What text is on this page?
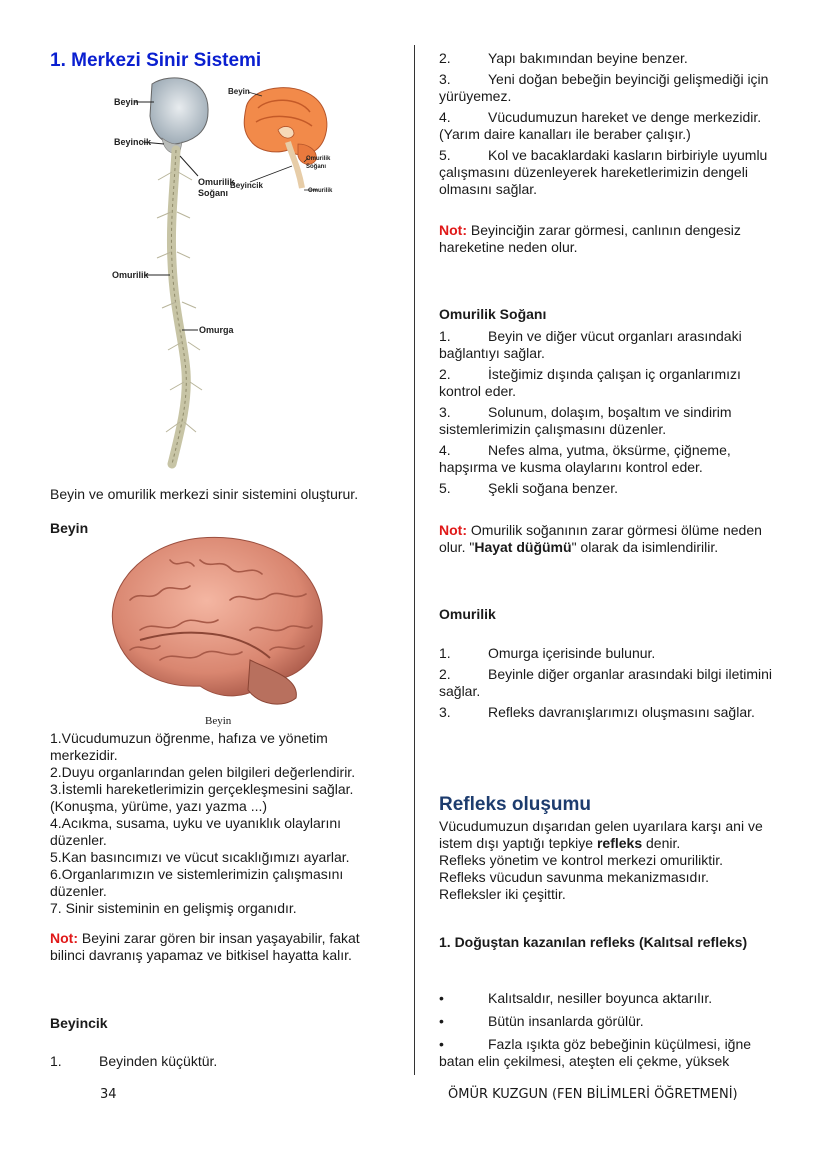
1. Merkezi Sinir Sistemi
Beyin
Beyincik
Omurilik
Soğanı
Omurilik
Omurga
Beyin
Omurilik
Soğanı
Beyincik
Omurilik
Beyin ve omurilik merkezi sinir sistemini oluşturur.
Beyin
Beyin
1.Vücudumuzun öğrenme, hafıza ve yönetim merkezidir.
2.Duyu organlarından gelen bilgileri değerlendirir.
3.İstemli hareketlerimizin gerçekleşmesini sağlar.(Konuşma, yürüme, yazı yazma ...)
4.Acıkma, susama, uyku ve uyanıklık olaylarını düzenler.
5.Kan basıncımızı ve vücut sıcaklığımızı ayarlar.
6.Organlarımızın ve sistemlerimizin çalışmasını düzenler.
7. Sinir sisteminin en gelişmiş organıdır.
Not: Beyini zarar gören bir insan yaşayabilir, fakat bilinci davranış yapamaz ve bitkisel hayatta kalır.
Beyincik
1.	Beyinden küçüktür.
2.	Yapı bakımından beyine benzer.
3.	Yeni doğan bebeğin beyinciği gelişmediği için yürüyemez.
4.	Vücudumuzun hareket ve denge merkezidir. (Yarım daire kanalları ile beraber çalışır.)
5.	Kol ve bacaklardaki kasların birbiriyle uyumlu çalışmasını düzenleyerek hareketlerimizin dengeli olmasını sağlar.
Not: Beyinciğin zarar görmesi, canlının dengesiz hareketine neden olur.
Omurilik Soğanı
1.	Beyin ve diğer vücut organları arasındaki bağlantıyı sağlar.
2.	İsteğimiz dışında çalışan iç organlarımızı kontrol eder.
3.	Solunum, dolaşım, boşaltım ve sindirim sistemlerimizin çalışmasını düzenler.
4.	Nefes alma, yutma, öksürme, çiğneme, hapşırma ve kusma olaylarını kontrol eder.
5.	Şekli soğana benzer.
Not: Omurilik soğanının zarar görmesi ölüme neden olur. "Hayat düğümü" olarak da isimlendirilir.
Omurilik
1.	Omurga içerisinde bulunur.
2.	Beyinle diğer organlar arasındaki bilgi iletimini sağlar.
3.	Refleks davranışlarımızı oluşmasını sağlar.
Refleks oluşumu
Vücudumuzun dışarıdan gelen uyarılara karşı ani ve istem dışı yaptığı tepkiye refleks denir.
Refleks yönetim ve kontrol merkezi omuriliktir.
Refleks vücudun savunma mekanizmasıdır.
Refleksler iki çeşittir.
1. Doğuştan kazanılan refleks (Kalıtsal refleks)
•	Kalıtsaldır, nesiller boyunca aktarılır.
•	Bütün insanlarda görülür.
•	Fazla ışıkta göz bebeğinin küçülmesi, iğne batan elin çekilmesi, ateşten eli çekme, yüksek
34	ÖMÜR KUZGUN (FEN BİLİMLERİ ÖĞRETMENİ)
